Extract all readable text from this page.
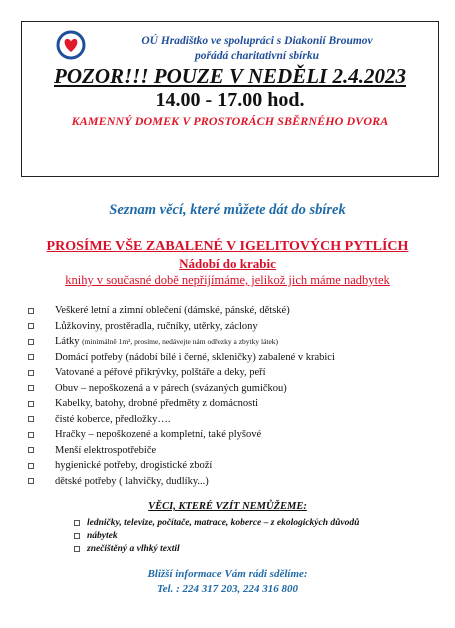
OÚ Hradištko ve spolupráci s Diakonií Broumov
pořádá charitativní sbírku
POZOR!!! POUZE V NEDĚLI 2.4.2023
14.00 - 17.00 hod.
KAMENNÝ DOMEK V PROSTORÁCH SBĚRNÉHO DVORA
Seznam věcí, které můžete dát do sbírek
PROSÍME VŠE ZABALENÉ V IGELITOVÝCH PYTLÍCH
Nádobí do krabic
knihy v současné době nepřijímáme, jelikož jich máme nadbytek
Veškeré letní a zimní oblečení (dámské, pánské, dětské)
Lůžkoviny, prostěradla, ručníky, utěrky, záclony
Látky
(minimálně 1m², prosíme, nedávejte nám odřezky a zbytky látek)
Domácí potřeby (nádobí bílé i černé, skleničky) zabalené v krabici
Vatované a péřové přikrývky, polštáře a deky, peří
Obuv – nepoškozená a v párech (svázaných gumičkou)
Kabelky, batohy, drobné předměty z domácnosti
čisté koberce, předložky….
Hračky – nepoškozené a kompletní, také plyšové
Menší elektrospotřebiče
hygienické potřeby, drogistické zboží
dětské potřeby ( lahvičky, dudlíky...)
VĚCI, KTERÉ VZÍT NEMŮŽEME:
ledničky, televize, počítače, matrace, koberce – z ekologických důvodů
nábytek
znečištěný a vlhký textil
Bližší informace Vám rádi sdělíme:
Tel. : 224 317 203, 224 316 800
